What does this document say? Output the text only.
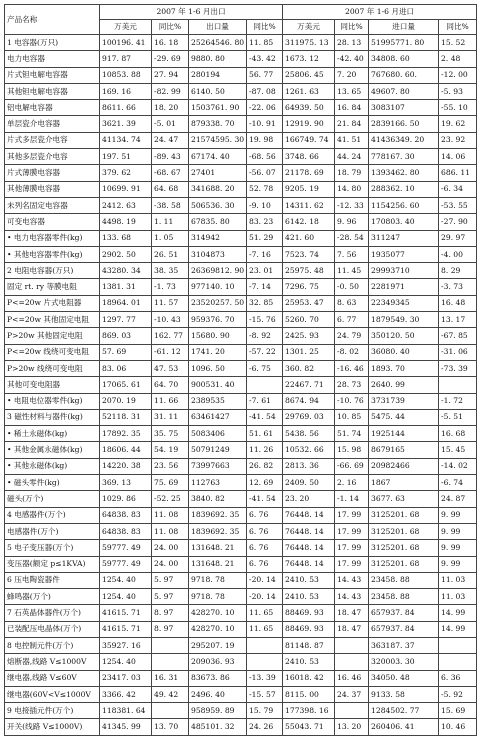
产品名称	2007 年 1-6 月出口				2007 年 1-6 月进口			
	万美元	同比%	出口量	同比%	万美元	同比%	进口量	同比%
1 电容器(万只)	100196. 41	16. 18	25264546. 80	11. 85	311975. 13	28. 13	51995771. 80	15. 52
电力电容器	917. 87	-29. 69	9880. 80	-43. 42	1673. 12	-42. 40	34808. 60	2. 48
片式钽电解电容器	10853. 88	27. 94	280194	56. 77	25806. 45	7. 20	767680. 60.	-12. 00
其他钽电解电容器	169. 16	-82. 99	6140. 50	-87. 08	1261. 63	13. 65	49607. 80	-5. 93
铝电解电容器	8611. 66	18. 20	1503761. 90	-22. 06	64939. 50	16. 84	3083107	-55. 10
单层瓷介电容器	3621. 39	-5. 01	879338. 70	-10. 91	12919. 90	21. 84	2839166. 50	19. 62
片式多层瓷介电容	41134. 74	24. 47	21574595. 30	19. 98	166749. 74	41. 51	41436349. 20	23. 92
其他多层瓷介电容	197. 51	-89. 43	67174. 40	-68. 56	3748. 66	44. 24	778167. 30	14. 06
片式薄膜电容器	379. 62	-68. 67	27401	-56. 07	21178. 69	18. 79	1393462. 80	686. 11
其他薄膜电容器	10699. 91	64. 68	341688. 20	52. 78	9205. 19	14. 80	288362. 10	-6. 34
未列名固定电容器	2412. 63	-38. 58	506536. 30	-9. 10	14311. 62	-12. 33	1154256. 60	-53. 55
可变电容器	4498. 19	1. 11	67835. 80	83. 23	6142. 18	9. 96	170803. 40	-27. 90
• 电力电容器零件(kg)	133. 68	1. 05	314942	51. 29	421. 60	-28. 54	311247	29. 97
• 其他电容器零件(kg)	2902. 50	26. 51	3104873	-7. 16	7523. 74	7. 56	1935077	-4. 00
2 电阻电容器(万只)	43280. 34	38. 35	26369812. 90	23. 01	25975. 48	11. 45	29993710	8. 29
固定 rt. ry 等膜电阻	1381. 31	-1. 73	977140. 10	-7. 14	7296. 75	-0. 50	2281971	-3. 73
P<=20w 片式电阻器	18964. 01	11. 57	23520257. 50	32. 85	25953. 47	8. 63	22349345	16. 48
P<=20w 其他固定电阻	1297. 77	-10. 43	959376. 70	-15. 76	5260. 70	6. 77	1879549. 30	13. 17
P>20w 其他固定电阻	869. 03	162. 77	15680. 90	-8. 92	2425. 93	24. 79	350120. 50	-67. 85
P<=20w 线绕可变电阻	57. 69	-61. 12	1741. 20	-57. 22	1301. 25	-8. 02	36080. 40	-31. 06
P>20w 线绕可变电阻	83. 06	47. 53	1096. 50	-6. 75	360. 82	-16. 46	1893. 70	-73. 39
其他可变电阻器	17065. 61	64. 70	900531. 40		22467. 71	28. 73	2640. 99	
• 电阻电位器零件(kg)	2070. 19	11. 66	2389535	-7. 61	8674. 94	-10. 76	3731739	-1. 72
3 磁性材料与器件(kg)	52118. 31	31. 11	63461427	-41. 54	29769. 03	10. 85	5475. 44	-5. 51
• 稀土永磁体(kg)	17892. 35	35. 75	5083406	51. 61	5438. 56	51. 74	1925144	16. 68
• 其他金属永磁体(kg)	18606. 44	54. 19	50791249	11. 26	10532. 66	15. 98	8679165	15. 45
• 其他永磁体(kg)	14220. 38	23. 56	73997663	26. 82	2813. 36	-66. 69	20982466	-14. 02
• 磁头零件(kg)	369. 13	75. 69	112763	12. 69	2409. 50	2. 16	1867	-6. 74
磁头(万个)	1029. 86	-52. 25	3840. 82	-41. 54	23. 20	-1. 14	3677. 63	24. 87
4 电感器件(万个)	64838. 83	11. 08	1839692. 35	6. 76	76448. 14	17. 99	3125201. 68	9. 99
电感器件(万个)	64838. 83	11. 08	1839692. 35	6. 76	76448. 14	17. 99	3125201. 68	9. 99
5 电子变压器(万个)	59777. 49	24. 00	131648. 21	6. 76	76448. 14	17. 99	3125201. 68	9. 99
变压器(额定 p≤1KVA)	59777. 49	24. 00	131648. 21	6. 76	76448. 14	17. 99	3125201. 68	9. 99
6 压电陶瓷器件	1254. 40	5. 97	9718. 78	-20. 14	2410. 53	14. 43	23458. 88	11. 03
蜂鸣器(万个)	1254. 40	5. 97	9718. 78	-20. 14	2410. 53	14. 43	23458. 88	11. 03
7 石英晶体器件(万个)	41615. 71	8. 97	428270. 10	11. 65	88469. 93	18. 47	657937. 84	14. 99
已装配压电晶体(万个)	41615. 71	8. 97	428270. 10	11. 65	88469. 93	18. 47	657937. 84	14. 99
8 电控制元件(万个)	35927. 16		295207. 19		81148. 87		363187. 37	
熔断器,线路 V≤1000V	1254. 40		209036. 93		2410. 53		320003. 30	
继电器,线路 V≤60V	23417. 03	16. 31	83673. 86	-13. 39	16018. 42	16. 46	34050. 48	6. 36
继电器(60V<V≤1000V	3366. 42	49. 42	2496. 40	-15. 57	8115. 00	24. 37	9133. 58	-5. 92
9 电接插元件(万个)	118381. 64		958959. 89	15. 79	177398. 16		1284502. 77	15. 69
开关(线路 V≤1000V)	41345. 99	13. 70	485101. 32	24. 26	55043. 71	13. 20	260406. 41	10. 46
